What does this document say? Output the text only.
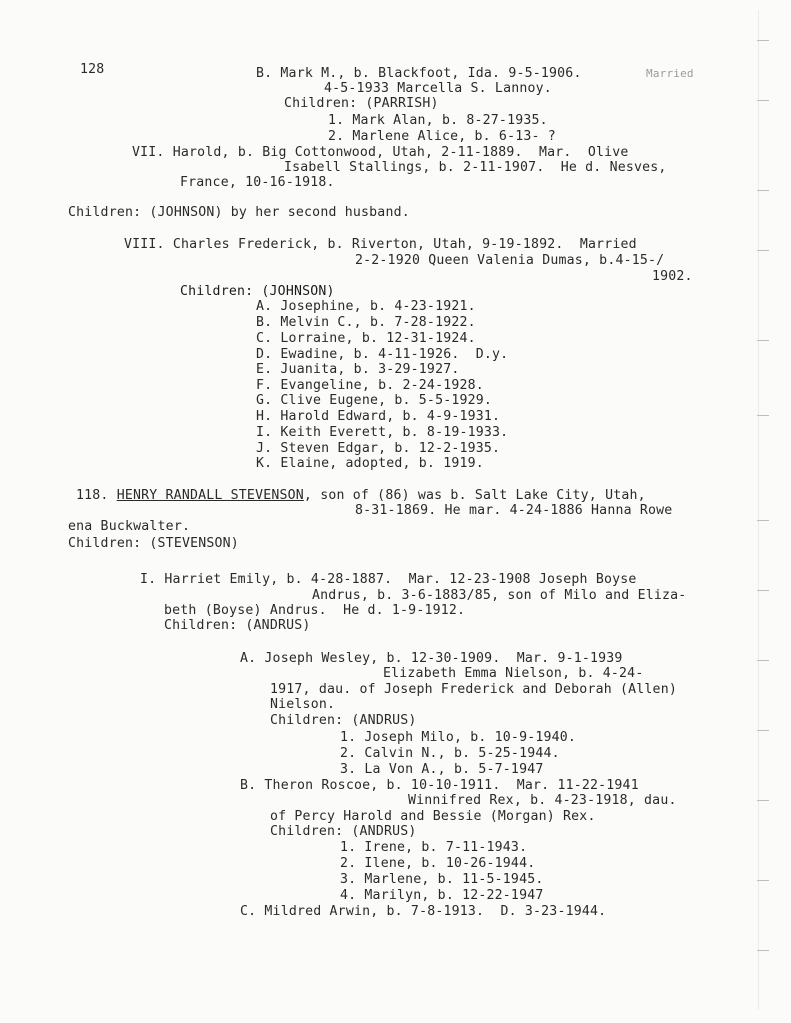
128	B. Mark M., b. Blackfoot, Ida. 9-5-1906.	Married
4-5-1933 Marcella S. Lannoy.
Children: (PARRISH)
1. Mark Alan, b. 8-27-1935.
2. Marlene Alice, b. 6-13- ?
VII. Harold, b. Big Cottonwood, Utah, 2-11-1889.  Mar.  Olive
Isabell Stallings, b. 2-11-1907.  He d. Nesves,
France, 10-16-1918.
Children: (JOHNSON) by her second husband.
VIII. Charles Frederick, b. Riverton, Utah, 9-19-1892.  Married
2-2-1920 Queen Valenia Dumas, b.4-15-/
1902.
Children: (JOHNSON)
A. Josephine, b. 4-23-1921.
B. Melvin C., b. 7-28-1922.
C. Lorraine, b. 12-31-1924.
D. Ewadine, b. 4-11-1926.  D.y.
E. Juanita, b. 3-29-1927.
F. Evangeline, b. 2-24-1928.
G. Clive Eugene, b. 5-5-1929.
H. Harold Edward, b. 4-9-1931.
I. Keith Everett, b. 8-19-1933.
J. Steven Edgar, b. 12-2-1935.
K. Elaine, adopted, b. 1919.
118. HENRY RANDALL STEVENSON, son of (86) was b. Salt Lake City, Utah,
8-31-1869. He mar. 4-24-1886 Hanna Rowe
ena Buckwalter.
Children: (STEVENSON)
I. Harriet Emily, b. 4-28-1887.  Mar. 12-23-1908 Joseph Boyse
Andrus, b. 3-6-1883/85, son of Milo and Eliza-
beth (Boyse) Andrus.  He d. 1-9-1912.
Children: (ANDRUS)
A. Joseph Wesley, b. 12-30-1909.  Mar. 9-1-1939
Elizabeth Emma Nielson, b. 4-24-
1917, dau. of Joseph Frederick and Deborah (Allen)
Nielson.
Children: (ANDRUS)
1. Joseph Milo, b. 10-9-1940.
2. Calvin N., b. 5-25-1944.
3. La Von A., b. 5-7-1947
B. Theron Roscoe, b. 10-10-1911.  Mar. 11-22-1941
Winnifred Rex, b. 4-23-1918, dau.
of Percy Harold and Bessie (Morgan) Rex.
Children: (ANDRUS)
1. Irene, b. 7-11-1943.
2. Ilene, b. 10-26-1944.
3. Marlene, b. 11-5-1945.
4. Marilyn, b. 12-22-1947
C. Mildred Arwin, b. 7-8-1913.  D. 3-23-1944.
